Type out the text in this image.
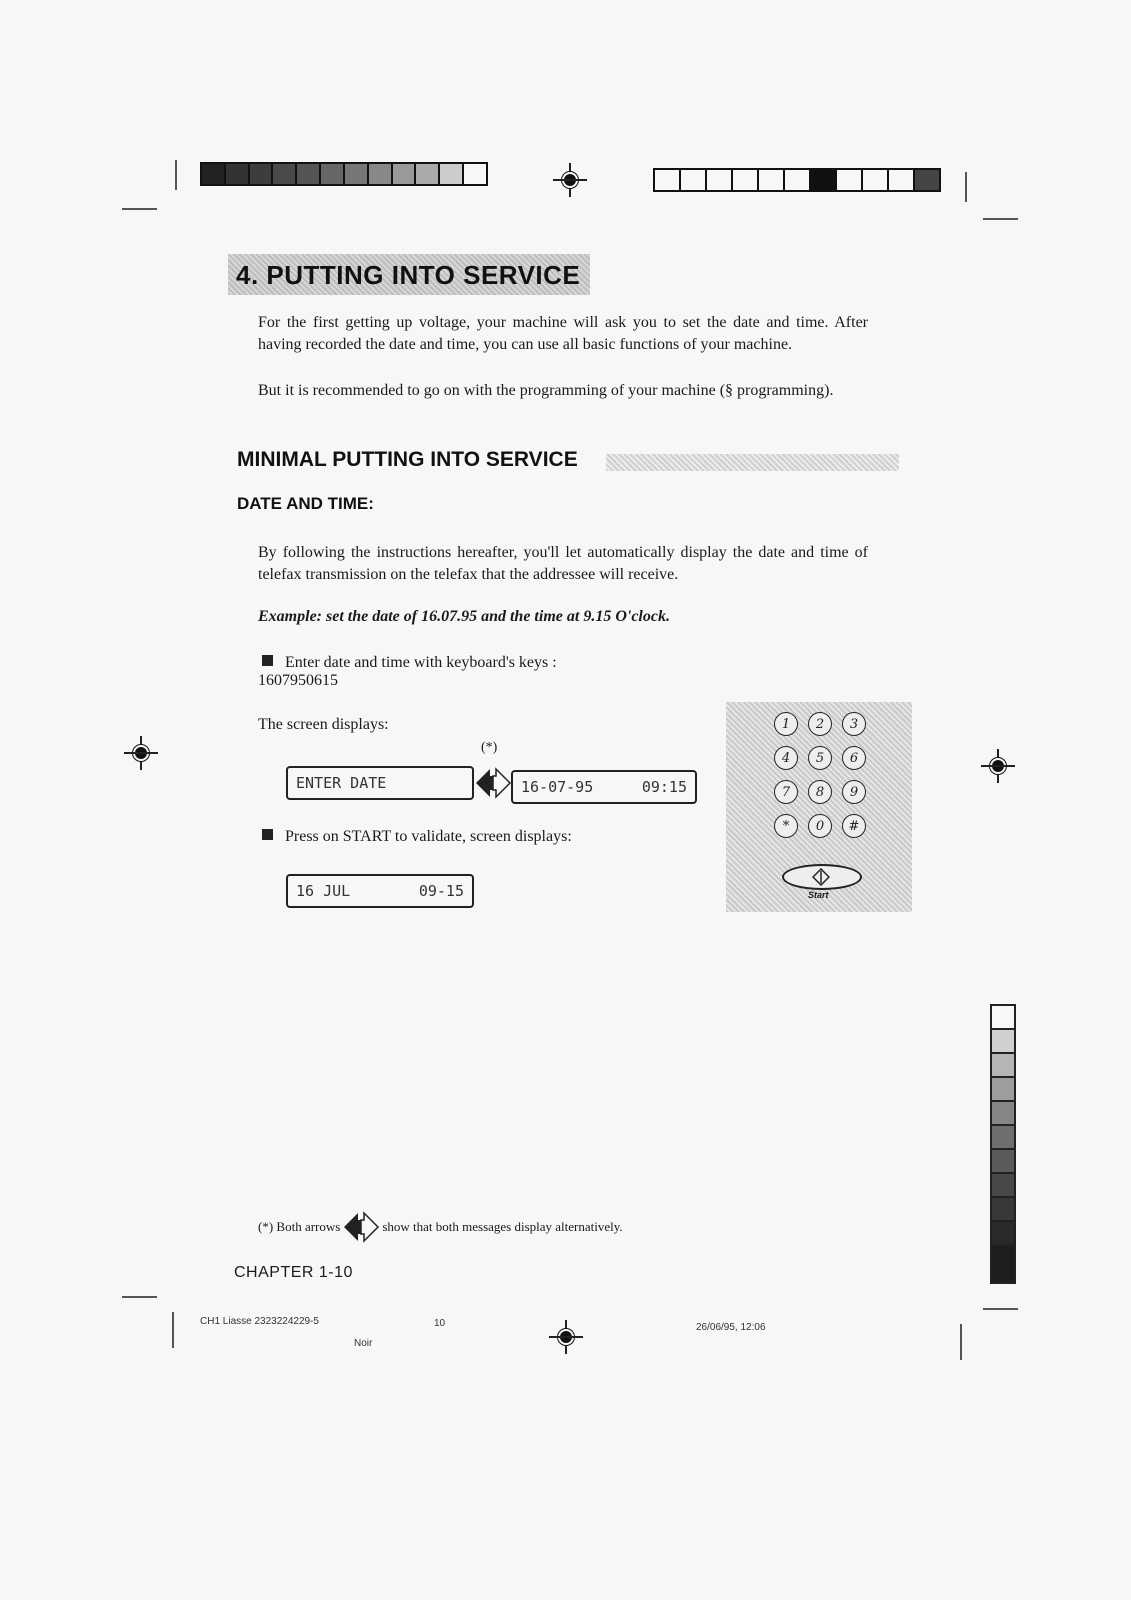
4. PUTTING INTO SERVICE
For the first getting up voltage, your machine will ask you to set the date and time. After having recorded the date and time, you can use all basic functions of your machine.
But it is recommended to go on with the programming of your machine (§ programming).
MINIMAL PUTTING INTO SERVICE
DATE AND TIME:
By following the instructions hereafter, you'll let automatically display the date and time of telefax transmission on the telefax that the addressee will receive.
Example: set the date of 16.07.95 and the time at 9.15 O'clock.
Enter date and time with keyboard's keys :
1607950615
The screen displays:
(*)
ENTER DATE	16-07-95	09:15
Press on START to validate, screen displays:
16 JUL	09-15
1	2	3
4	5	6
7	8	9
*	0	#
Start
(*) Both arrows	show that both messages display alternatively.
CHAPTER 1-10
CH1 Liasse 2323224229-5	10	26/06/95, 12:06
Noir
